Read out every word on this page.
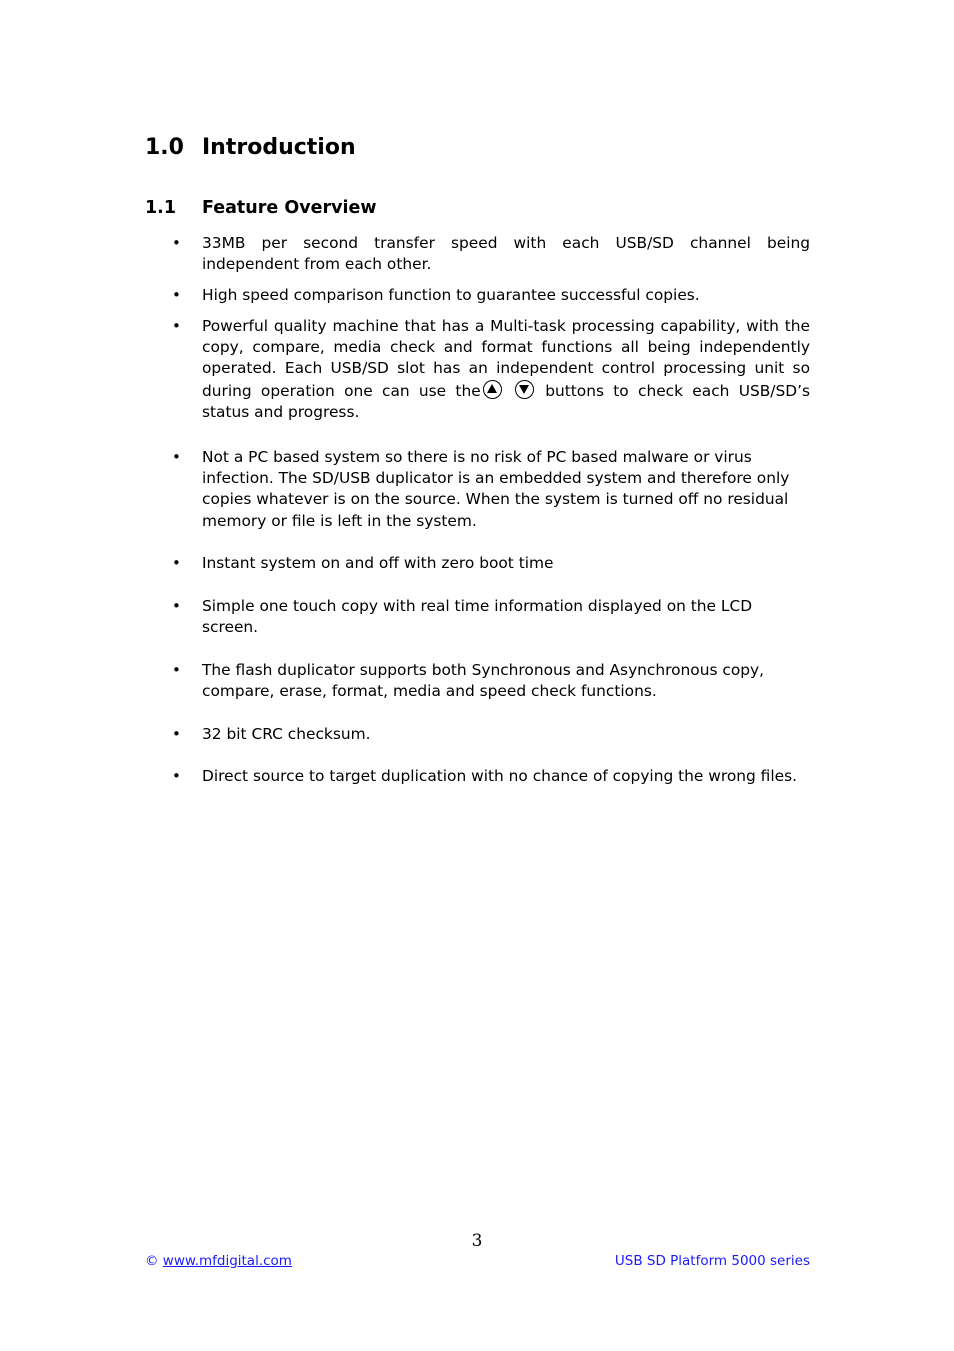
1.0 Introduction
1.1 Feature Overview
• 33MB per second transfer speed with each USB/SD channel being independent from each other.
• High speed comparison function to guarantee successful copies.
• Powerful quality machine that has a Multi-task processing capability, with the copy, compare, media check and format functions all being independently operated. Each USB/SD slot has an independent control processing unit so during operation one can use the	buttons to check each USB/SD’s status and progress.
• Not a PC based system so there is no risk of PC based malware or virus infection. The SD/USB duplicator is an embedded system and therefore only copies whatever is on the source. When the system is turned off no residual memory or file is left in the system.
• Instant system on and off with zero boot time
• Simple one touch copy with real time information displayed on the LCD screen.
• The flash duplicator supports both Synchronous and Asynchronous copy, compare, erase, format, media and speed check functions.
• 32 bit CRC checksum.
• Direct source to target duplication with no chance of copying the wrong files.
3
© www.mfdigital.com	USB SD Platform 5000 series
